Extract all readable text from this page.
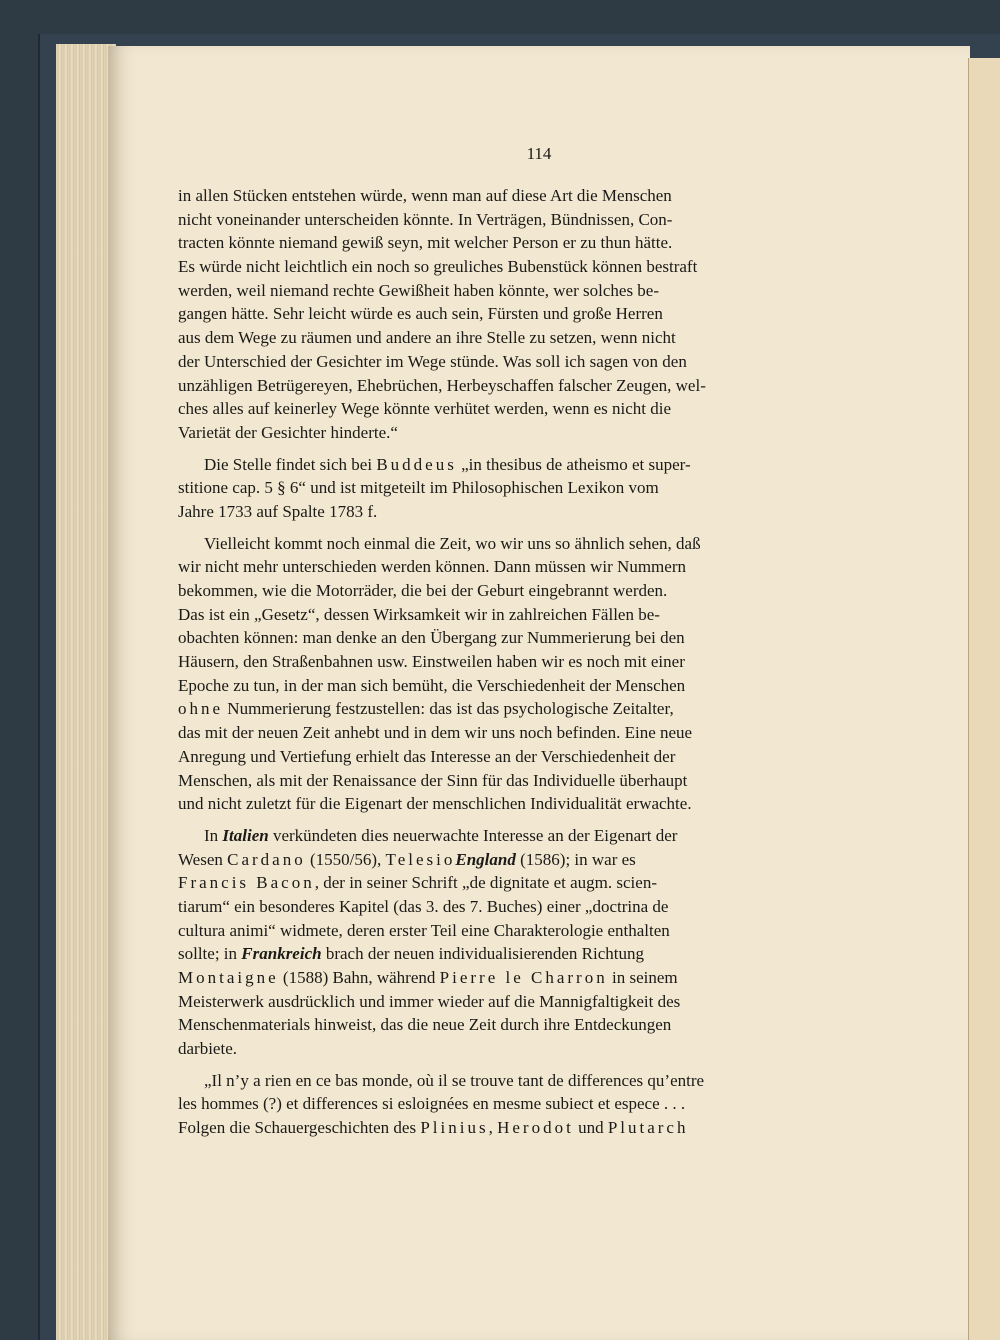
114
in allen Stücken entstehen würde, wenn man auf diese Art die Menschen
nicht voneinander unterscheiden könnte. In Verträgen, Bündnissen, Con-
tracten könnte niemand gewiß seyn, mit welcher Person er zu thun hätte.
Es würde nicht leichtlich ein noch so greuliches Bubenstück können bestraft
werden, weil niemand rechte Gewißheit haben könnte, wer solches be-
gangen hätte. Sehr leicht würde es auch sein, Fürsten und große Herren
aus dem Wege zu räumen und andere an ihre Stelle zu setzen, wenn nicht
der Unterschied der Gesichter im Wege stünde. Was soll ich sagen von den
unzähligen Betrügereyen, Ehebrüchen, Herbeyschaffen falscher Zeugen, wel-
ches alles auf keinerley Wege könnte verhütet werden, wenn es nicht die
Varietät der Gesichter hinderte.“
Die Stelle findet sich bei Buddeus „in thesibus de atheismo et super-
stitione cap. 5 § 6“ und ist mitgeteilt im Philosophischen Lexikon vom
Jahre 1733 auf Spalte 1783 f.
Vielleicht kommt noch einmal die Zeit, wo wir uns so ähnlich sehen, daß
wir nicht mehr unterschieden werden können. Dann müssen wir Nummern
bekommen, wie die Motorräder, die bei der Geburt eingebrannt werden.
Das ist ein „Gesetz“, dessen Wirksamkeit wir in zahlreichen Fällen be-
obachten können: man denke an den Übergang zur Nummerierung bei den
Häusern, den Straßenbahnen usw. Einstweilen haben wir es noch mit einer
Epoche zu tun, in der man sich bemüht, die Verschiedenheit der Menschen
ohne Nummerierung festzustellen: das ist das psychologische Zeitalter,
das mit der neuen Zeit anhebt und in dem wir uns noch befinden. Eine neue
Anregung und Vertiefung erhielt das Interesse an der Verschiedenheit der
Menschen, als mit der Renaissance der Sinn für das Individuelle überhaupt
und nicht zuletzt für die Eigenart der menschlichen Individualität erwachte.
In Italien verkündeten dies neuerwachte Interesse an der Eigenart der
Wesen Cardano (1550/56), TelesioEngland (1586); in war es
Francis Bacon, der in seiner Schrift „de dignitate et augm. scien-
tiarum“ ein besonderes Kapitel (das 3. des 7. Buches) einer „doctrina de
cultura animi“ widmete, deren erster Teil eine Charakterologie enthalten
sollte; in Frankreich brach der neuen individualisierenden Richtung
Montaigne (1588) Bahn, während Pierre le Charron in seinem
Meisterwerk ausdrücklich und immer wieder auf die Mannigfaltigkeit des
Menschenmaterials hinweist, das die neue Zeit durch ihre Entdeckungen
darbiete.
„Il n’y a rien en ce bas monde, où il se trouve tant de differences qu’entre
les hommes (?) et differences si esloignées en mesme subiect et espece . . .
Folgen die Schauergeschichten des Plinius, Herodot und Plutarch
